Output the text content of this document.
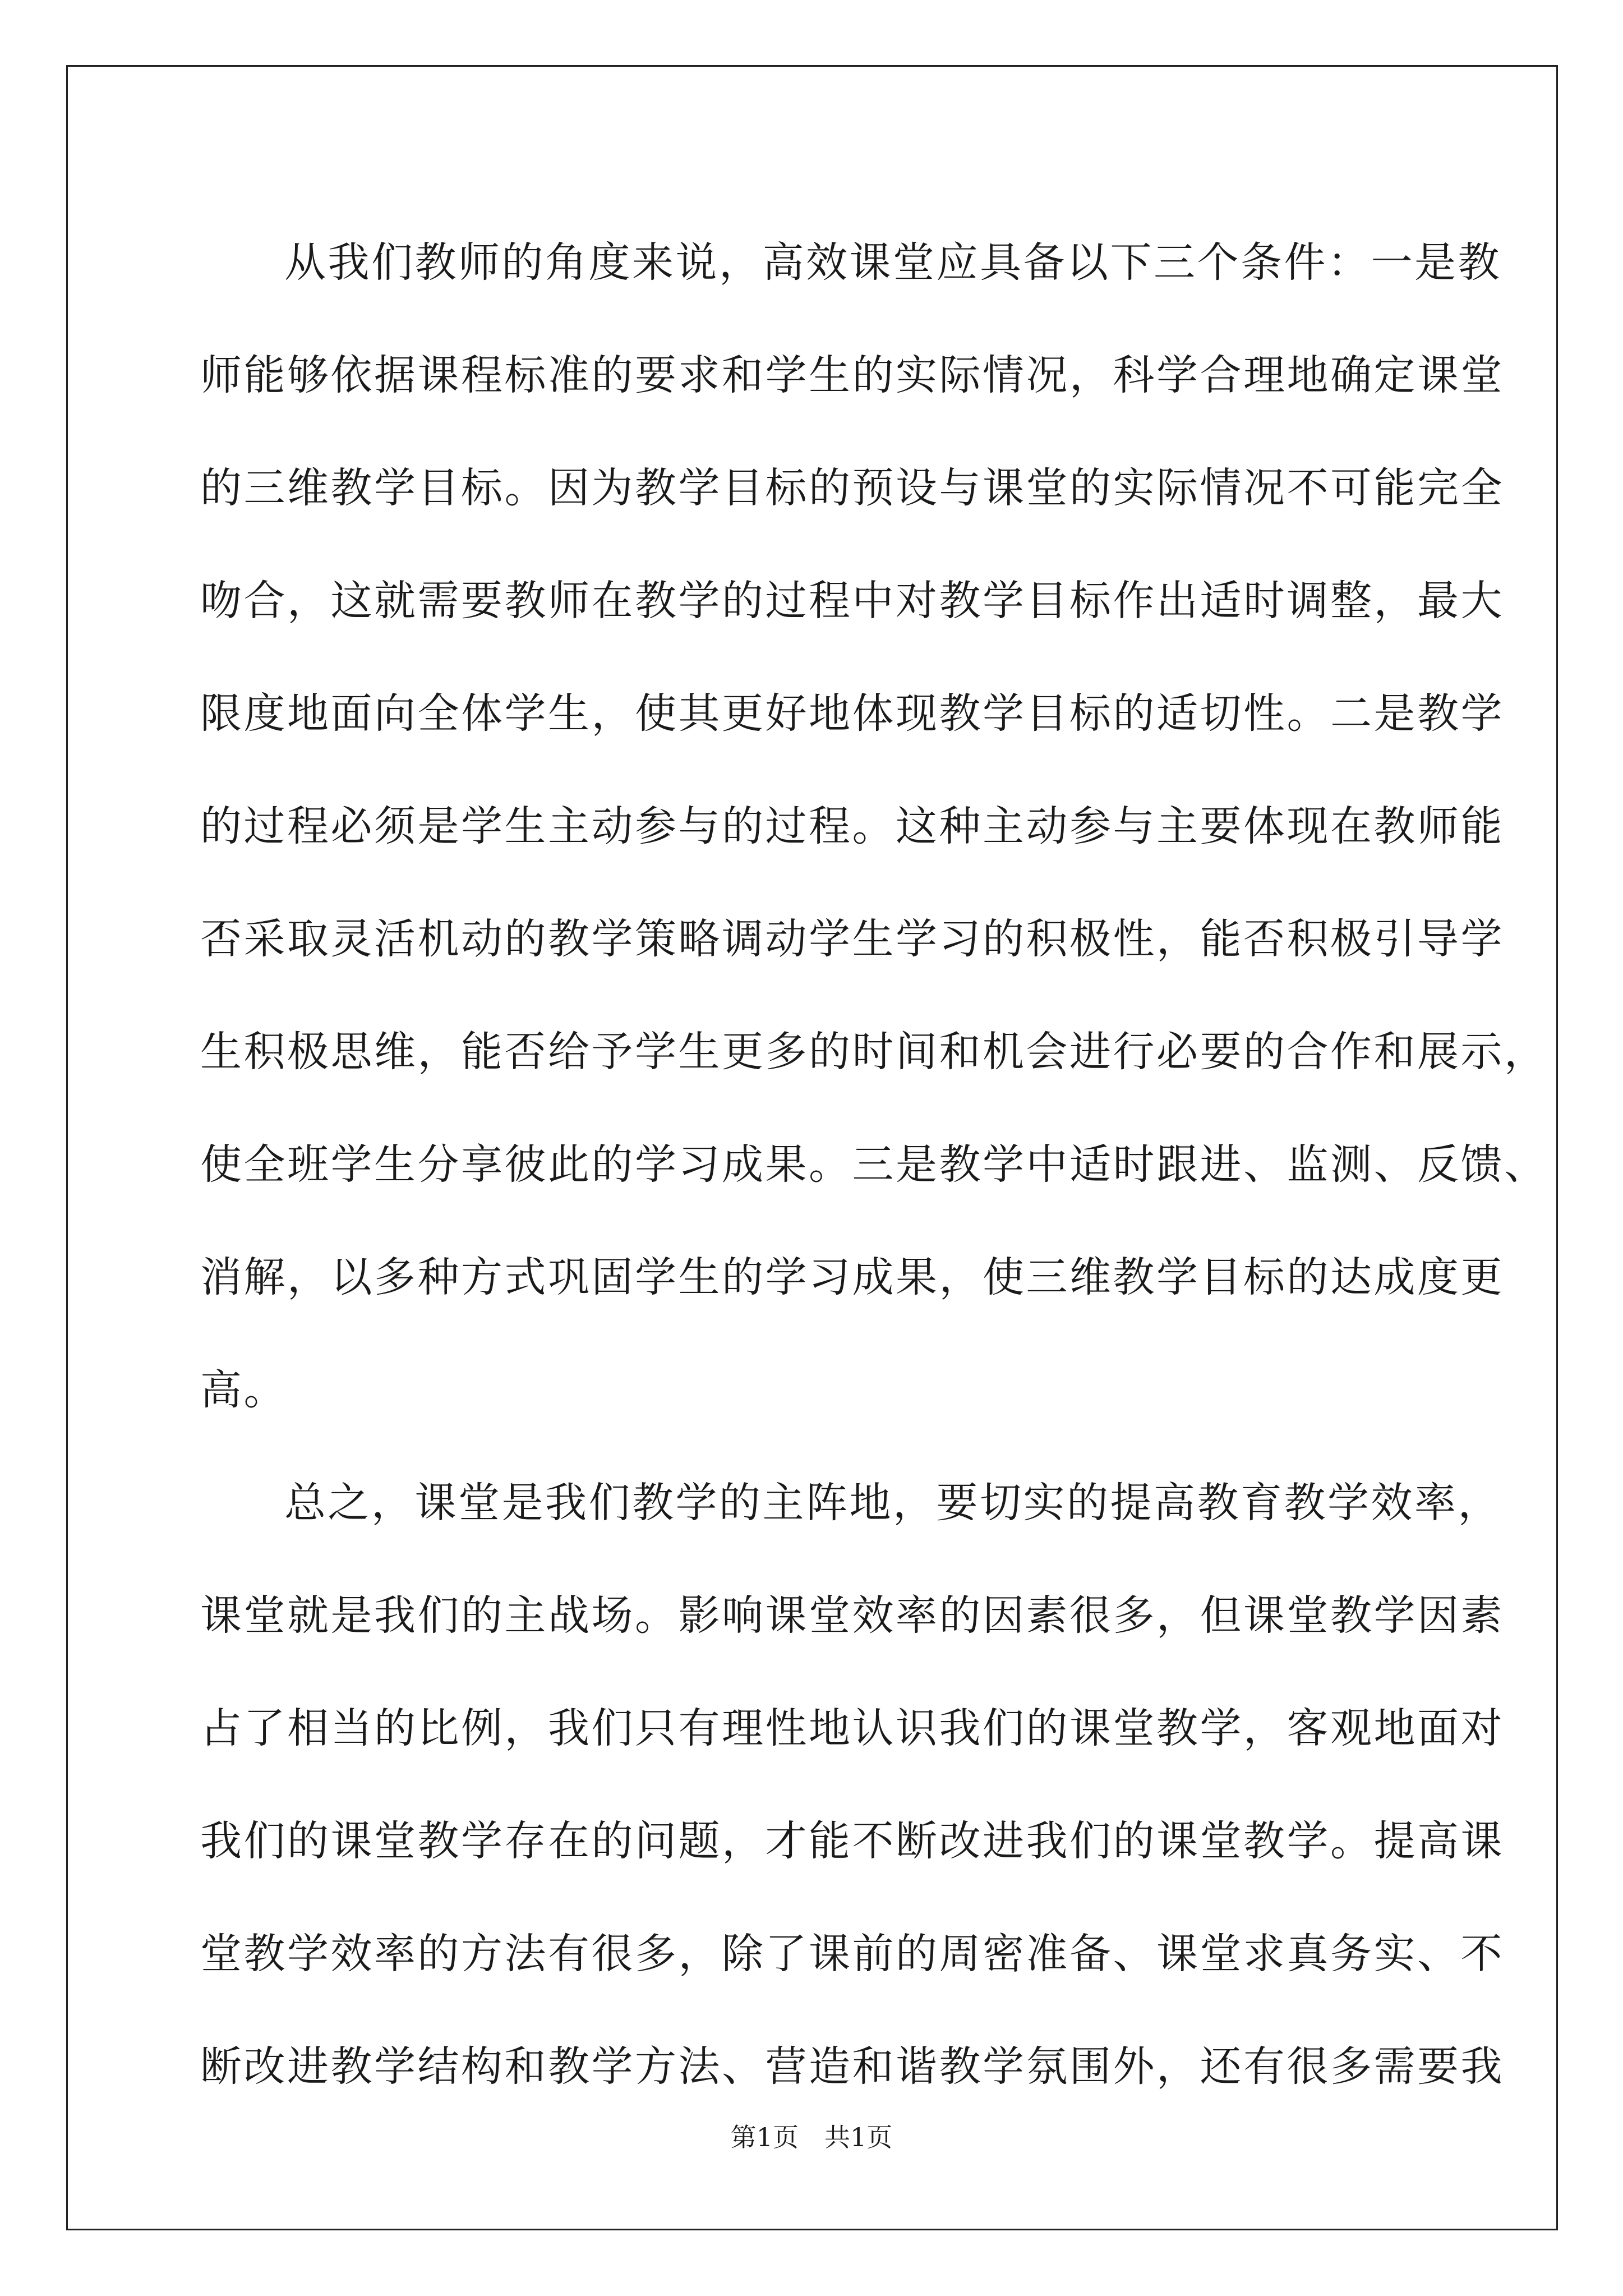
从我们教师的角度来说，高效课堂应具备以下三个条件：一是教
师能够依据课程标准的要求和学生的实际情况，科学合理地确定课堂
的三维教学目标。因为教学目标的预设与课堂的实际情况不可能完全
吻合，这就需要教师在教学的过程中对教学目标作出适时调整，最大
限度地面向全体学生，使其更好地体现教学目标的适切性。二是教学
的过程必须是学生主动参与的过程。这种主动参与主要体现在教师能
否采取灵活机动的教学策略调动学生学习的积极性，能否积极引导学
生积极思维，能否给予学生更多的时间和机会进行必要的合作和展示，
使全班学生分享彼此的学习成果。三是教学中适时跟进、监测、反馈、
消解，以多种方式巩固学生的学习成果，使三维教学目标的达成度更
高。
总之，课堂是我们教学的主阵地，要切实的提高教育教学效率，
课堂就是我们的主战场。影响课堂效率的因素很多，但课堂教学因素
占了相当的比例，我们只有理性地认识我们的课堂教学，客观地面对
我们的课堂教学存在的问题，才能不断改进我们的课堂教学。提高课
堂教学效率的方法有很多，除了课前的周密准备、课堂求真务实、不
断改进教学结构和教学方法、营造和谐教学氛围外，还有很多需要我
第1页 共1页
